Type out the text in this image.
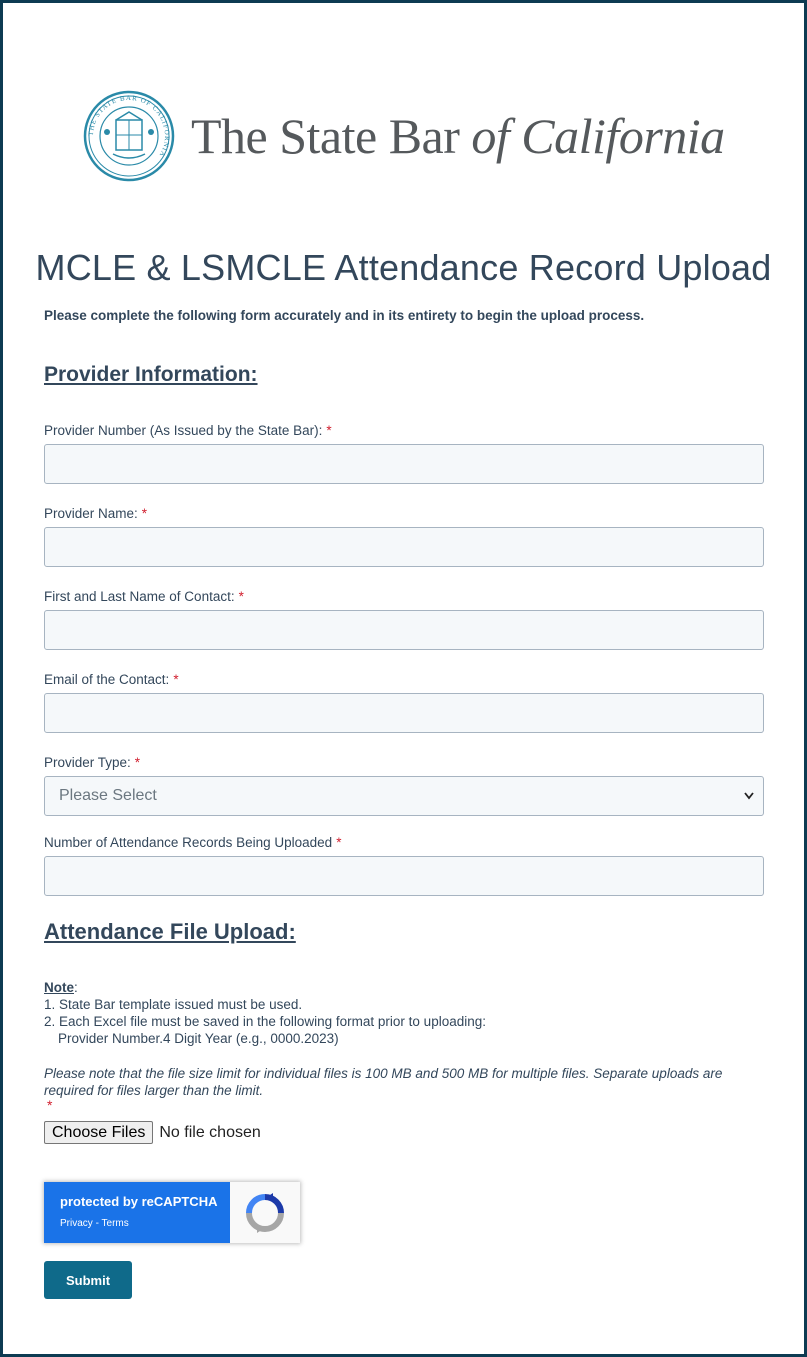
THE STATE BAR OF CALIFORNIA The State Bar of California
MCLE & LSMCLE Attendance Record Upload
Please complete the following form accurately and in its entirety to begin the upload process.
Provider Information:
Provider Number (As Issued by the State Bar): *
Provider Name: *
First and Last Name of Contact: *
Email of the Contact: *
Provider Type: *
Please Select
Number of Attendance Records Being Uploaded *
Attendance File Upload:
Note:
1. State Bar template issued must be used.
2. Each Excel file must be saved in the following format prior to uploading:
Provider Number.4 Digit Year (e.g., 0000.2023)
Please note that the file size limit for individual files is 100 MB and 500 MB for multiple files. Separate uploads are required for files larger than the limit.
*
Choose Files No file chosen
protected by reCAPTCHA
Privacy - Terms
Submit
